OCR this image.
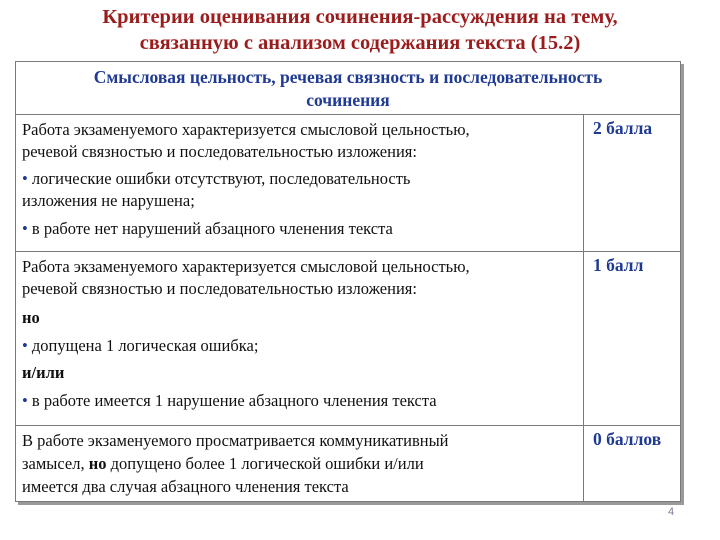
Критерии оценивания сочинения-рассуждения на тему,
связанную с анализом содержания текста (15.2)
Смысловая цельность, речевая связность и последовательность
сочинения
Работа экзаменуемого характеризуется смысловой цельностью,
речевой связностью и последовательностью изложения:
• логические ошибки отсутствуют, последовательность
изложения не нарушена;
• в работе нет нарушений абзацного членения текста
2 балла
Работа экзаменуемого характеризуется смысловой цельностью,
речевой связностью и последовательностью изложения:
но
• допущена 1 логическая ошибка;
и/или
• в работе имеется 1 нарушение абзацного членения текста
1 балл
В работе экзаменуемого просматривается коммуникативный
замысел, но допущено более 1 логической ошибки и/или
имеется два случая абзацного членения текста
0 баллов
4
